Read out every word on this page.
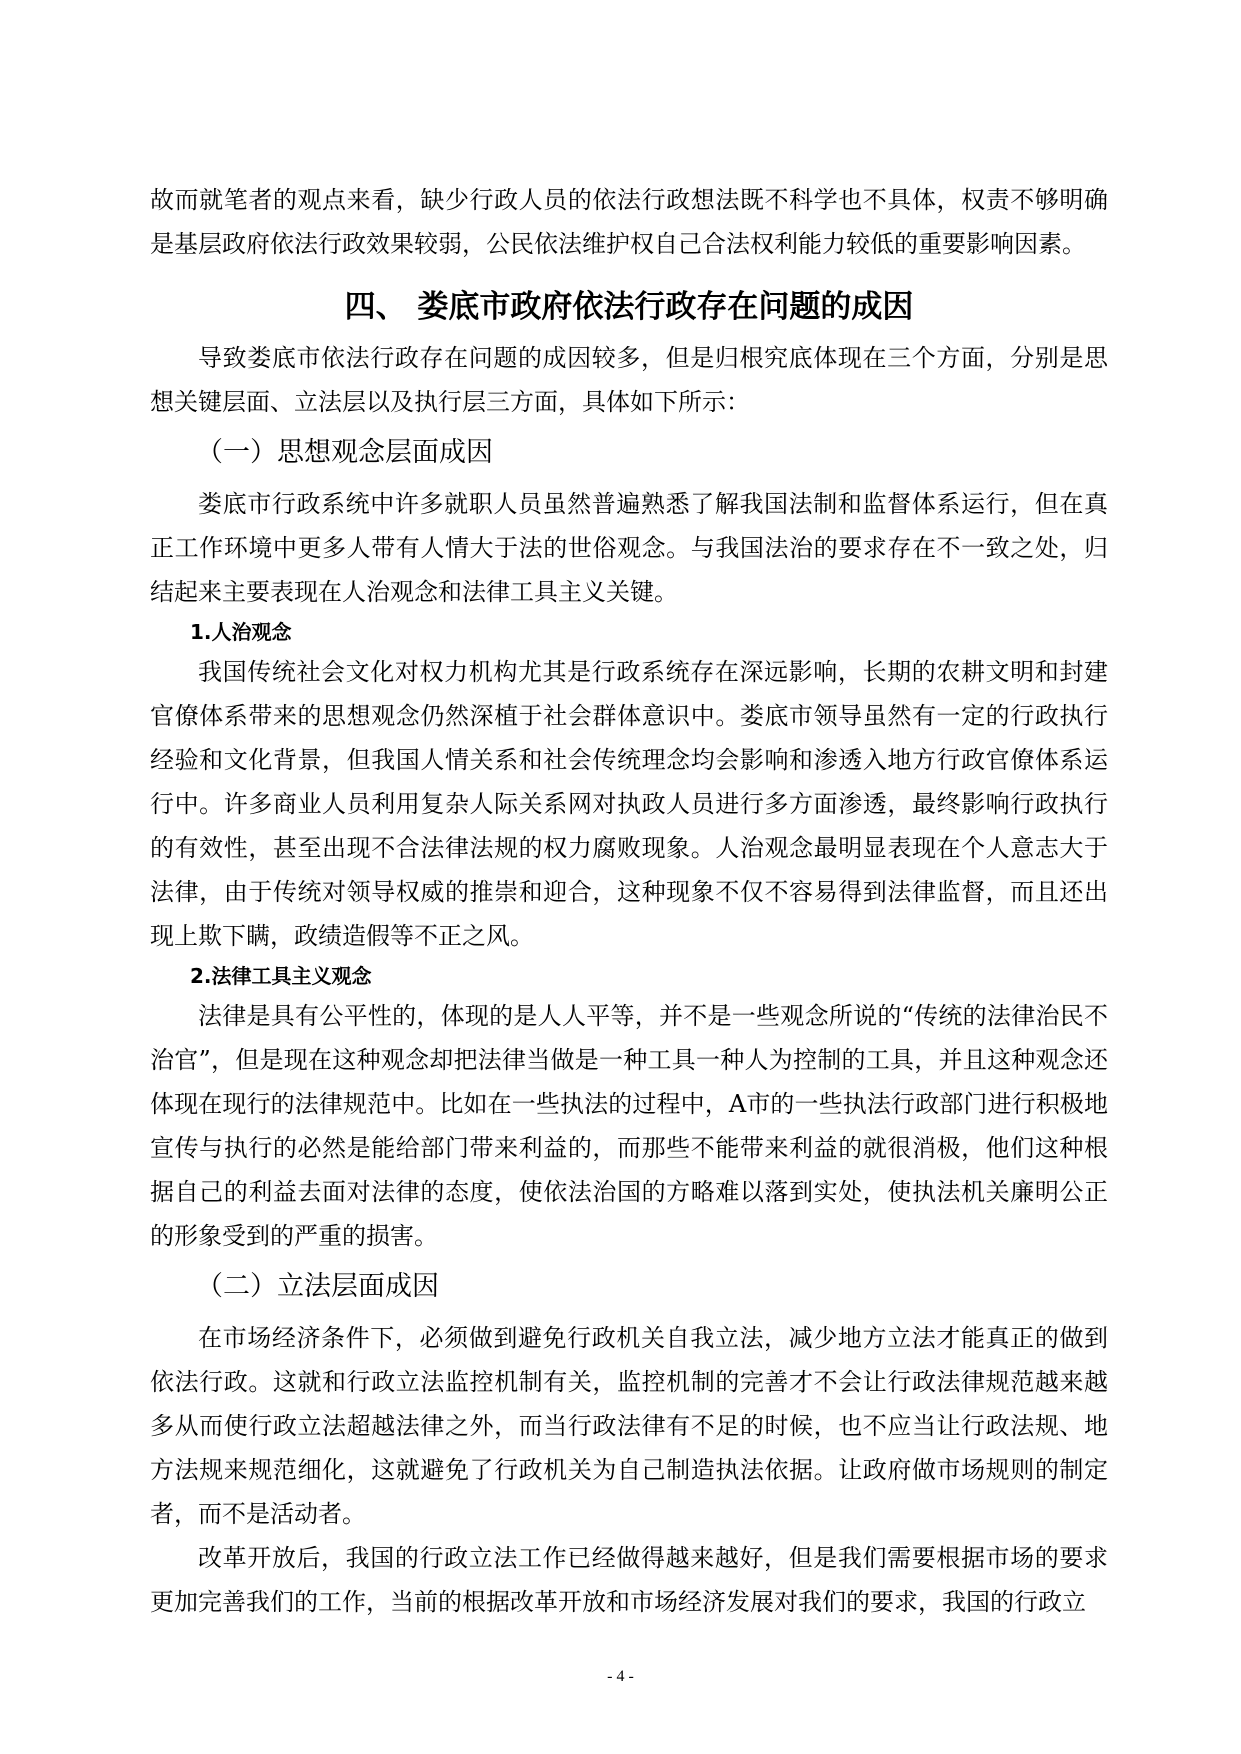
故而就笔者的观点来看，缺少行政人员的依法行政想法既不科学也不具体，权责不够明确是基层政府依法行政效果较弱，公民依法维护权自己合法权利能力较低的重要影响因素。

四、 娄底市政府依法行政存在问题的成因

导致娄底市依法行政存在问题的成因较多，但是归根究底体现在三个方面，分别是思想关键层面、立法层以及执行层三方面，具体如下所示：

（一）思想观念层面成因

娄底市行政系统中许多就职人员虽然普遍熟悉了解我国法制和监督体系运行，但在真正工作环境中更多人带有人情大于法的世俗观念。与我国法治的要求存在不一致之处，归结起来主要表现在人治观念和法律工具主义关键。

1.人治观念

我国传统社会文化对权力机构尤其是行政系统存在深远影响，长期的农耕文明和封建官僚体系带来的思想观念仍然深植于社会群体意识中。娄底市领导虽然有一定的行政执行经验和文化背景，但我国人情关系和社会传统理念均会影响和渗透入地方行政官僚体系运行中。许多商业人员利用复杂人际关系网对执政人员进行多方面渗透，最终影响行政执行的有效性，甚至出现不合法律法规的权力腐败现象。人治观念最明显表现在个人意志大于法律，由于传统对领导权威的推崇和迎合，这种现象不仅不容易得到法律监督，而且还出现上欺下瞒，政绩造假等不正之风。

2.法律工具主义观念

法律是具有公平性的，体现的是人人平等，并不是一些观念所说的“传统的法律治民不治官”，但是现在这种观念却把法律当做是一种工具一种人为控制的工具，并且这种观念还体现在现行的法律规范中。比如在一些执法的过程中，A市的一些执法行政部门进行积极地宣传与执行的必然是能给部门带来利益的，而那些不能带来利益的就很消极，他们这种根据自己的利益去面对法律的态度，使依法治国的方略难以落到实处，使执法机关廉明公正的形象受到的严重的损害。

（二）立法层面成因

在市场经济条件下，必须做到避免行政机关自我立法，减少地方立法才能真正的做到依法行政。这就和行政立法监控机制有关，监控机制的完善才不会让行政法律规范越来越多从而使行政立法超越法律之外，而当行政法律有不足的时候，也不应当让行政法规、地方法规来规范细化，这就避免了行政机关为自己制造执法依据。让政府做市场规则的制定者，而不是活动者。

改革开放后，我国的行政立法工作已经做得越来越好，但是我们需要根据市场的要求更加完善我们的工作，当前的根据改革开放和市场经济发展对我们的要求，我国的行政立

- 4 -
